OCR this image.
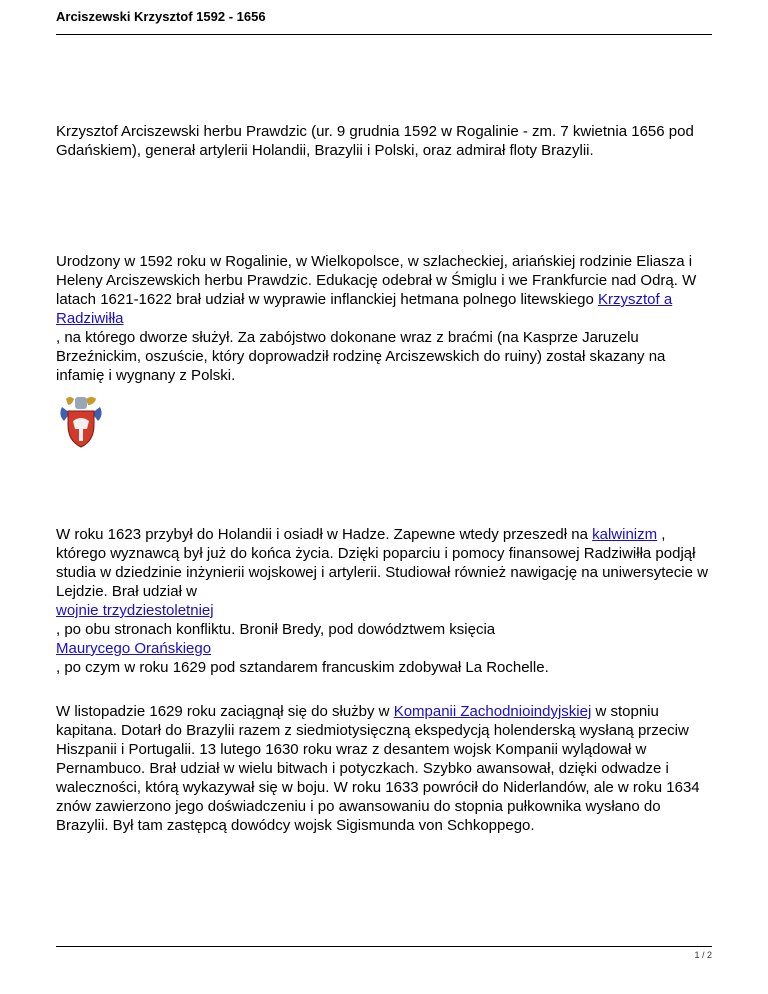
Arciszewski Krzysztof 1592 - 1656
Krzysztof Arciszewski herbu Prawdzic (ur. 9 grudnia 1592 w Rogalinie - zm. 7 kwietnia 1656 pod Gdańskiem), generał artylerii Holandii, Brazylii i Polski, oraz admirał floty Brazylii.
Urodzony w 1592 roku w Rogalinie, w Wielkopolsce, w szlacheckiej, ariańskiej rodzinie Eliasza i Heleny Arciszewskich herbu Prawdzic. Edukację odebrał w Śmiglu i we Frankfurcie nad Odrą. W latach 1621-1622 brał udział w wyprawie inflanckiej hetmana polnego litewskiego Krzysztof a Radziwiłła
, na którego dworze służył. Za zabójstwo dokonane wraz z braćmi (na Kasprze Jaruzelu Brzeźnickim, oszuście, który doprowadził rodzinę Arciszewskich do ruiny) został skazany na infamię i wygnany z Polski.
W roku 1623 przybył do Holandii i osiadł w Hadze. Zapewne wtedy przeszedł na kalwinizm , którego wyznawcą był już do końca życia. Dzięki poparciu i pomocy finansowej Radziwiłła podjął studia w dziedzinie inżynierii wojskowej i artylerii. Studiował również nawigację na uniwersytecie w Lejdzie. Brał udział w
wojnie trzydziestoletniej
, po obu stronach konfliktu. Bronił Bredy, pod dowództwem księcia
Maurycego Orańskiego
, po czym w roku 1629 pod sztandarem francuskim zdobywał La Rochelle.
W listopadzie 1629 roku zaciągnął się do służby w Kompanii Zachodnioindyjskiej w stopniu kapitana. Dotarł do Brazylii razem z siedmiotysięczną ekspedycją holenderską wysłaną przeciw Hiszpanii i Portugalii. 13 lutego 1630 roku wraz z desantem wojsk Kompanii wylądował w Pernambuco. Brał udział w wielu bitwach i potyczkach. Szybko awansował, dzięki odwadze i waleczności, którą wykazywał się w boju. W roku 1633 powrócił do Niderlandów, ale w roku 1634 znów zawierzono jego doświadczeniu i po awansowaniu do stopnia pułkownika wysłano do Brazylii. Był tam zastępcą dowódcy wojsk Sigismunda von Schkoppego.
1 / 2
